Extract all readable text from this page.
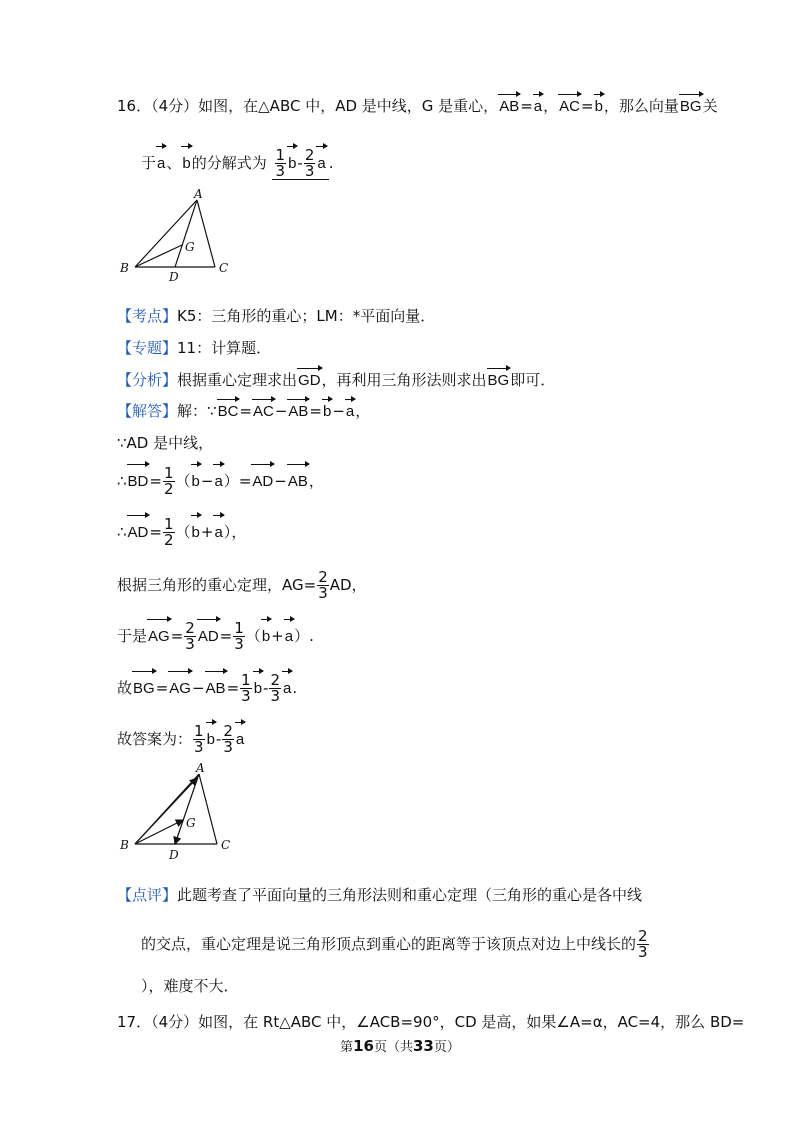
16．（4分）如图，在△ABC 中，AD 是中线，G 是重心，AB=a，AC=b，那么向量BG关
于a、b的分解式为 $\frac{1}{3} b- \frac{2}{3}$ a .
A
B	C
D
G
【考点】K5：三角形的重心；LM：*平面向量．
【专题】11：计算题．
【分析】根据重心定理求出GD，再利用三角形法则求出BG即可．
【解答】解：∵BC=AC−AB=b−a，
∵AD 是中线，
∴BD= $\frac{1}{2} (b-a)=AD-AB$，
∴AD= $\frac{1}{2} (b+a)$，
根据三角形的重心定理，$AG= \frac{2}{3}$ AD，
于是$AG= \frac{2}{3} AD= \frac{1}{3} (b+a)$.
故$BG=AG-AB= \frac{1}{3} b- \frac{2}{3} a$.
故答案为： $\frac{1}{3} b- \frac{2}{3}$ a
A
B	C
D
G
【点评】此题考查了平面向量的三角形法则和重心定理（三角形的重心是各中线
的交点，重心定理是说三角形顶点到重心的距离等于该顶点对边上中线长的 $\frac{2}{3}$
），难度不大．
17．（4分）如图，在 Rt△ABC 中，∠ACB=90°，CD 是高，如果∠A=α，AC=4，那么 BD=
第16页（共33页）
